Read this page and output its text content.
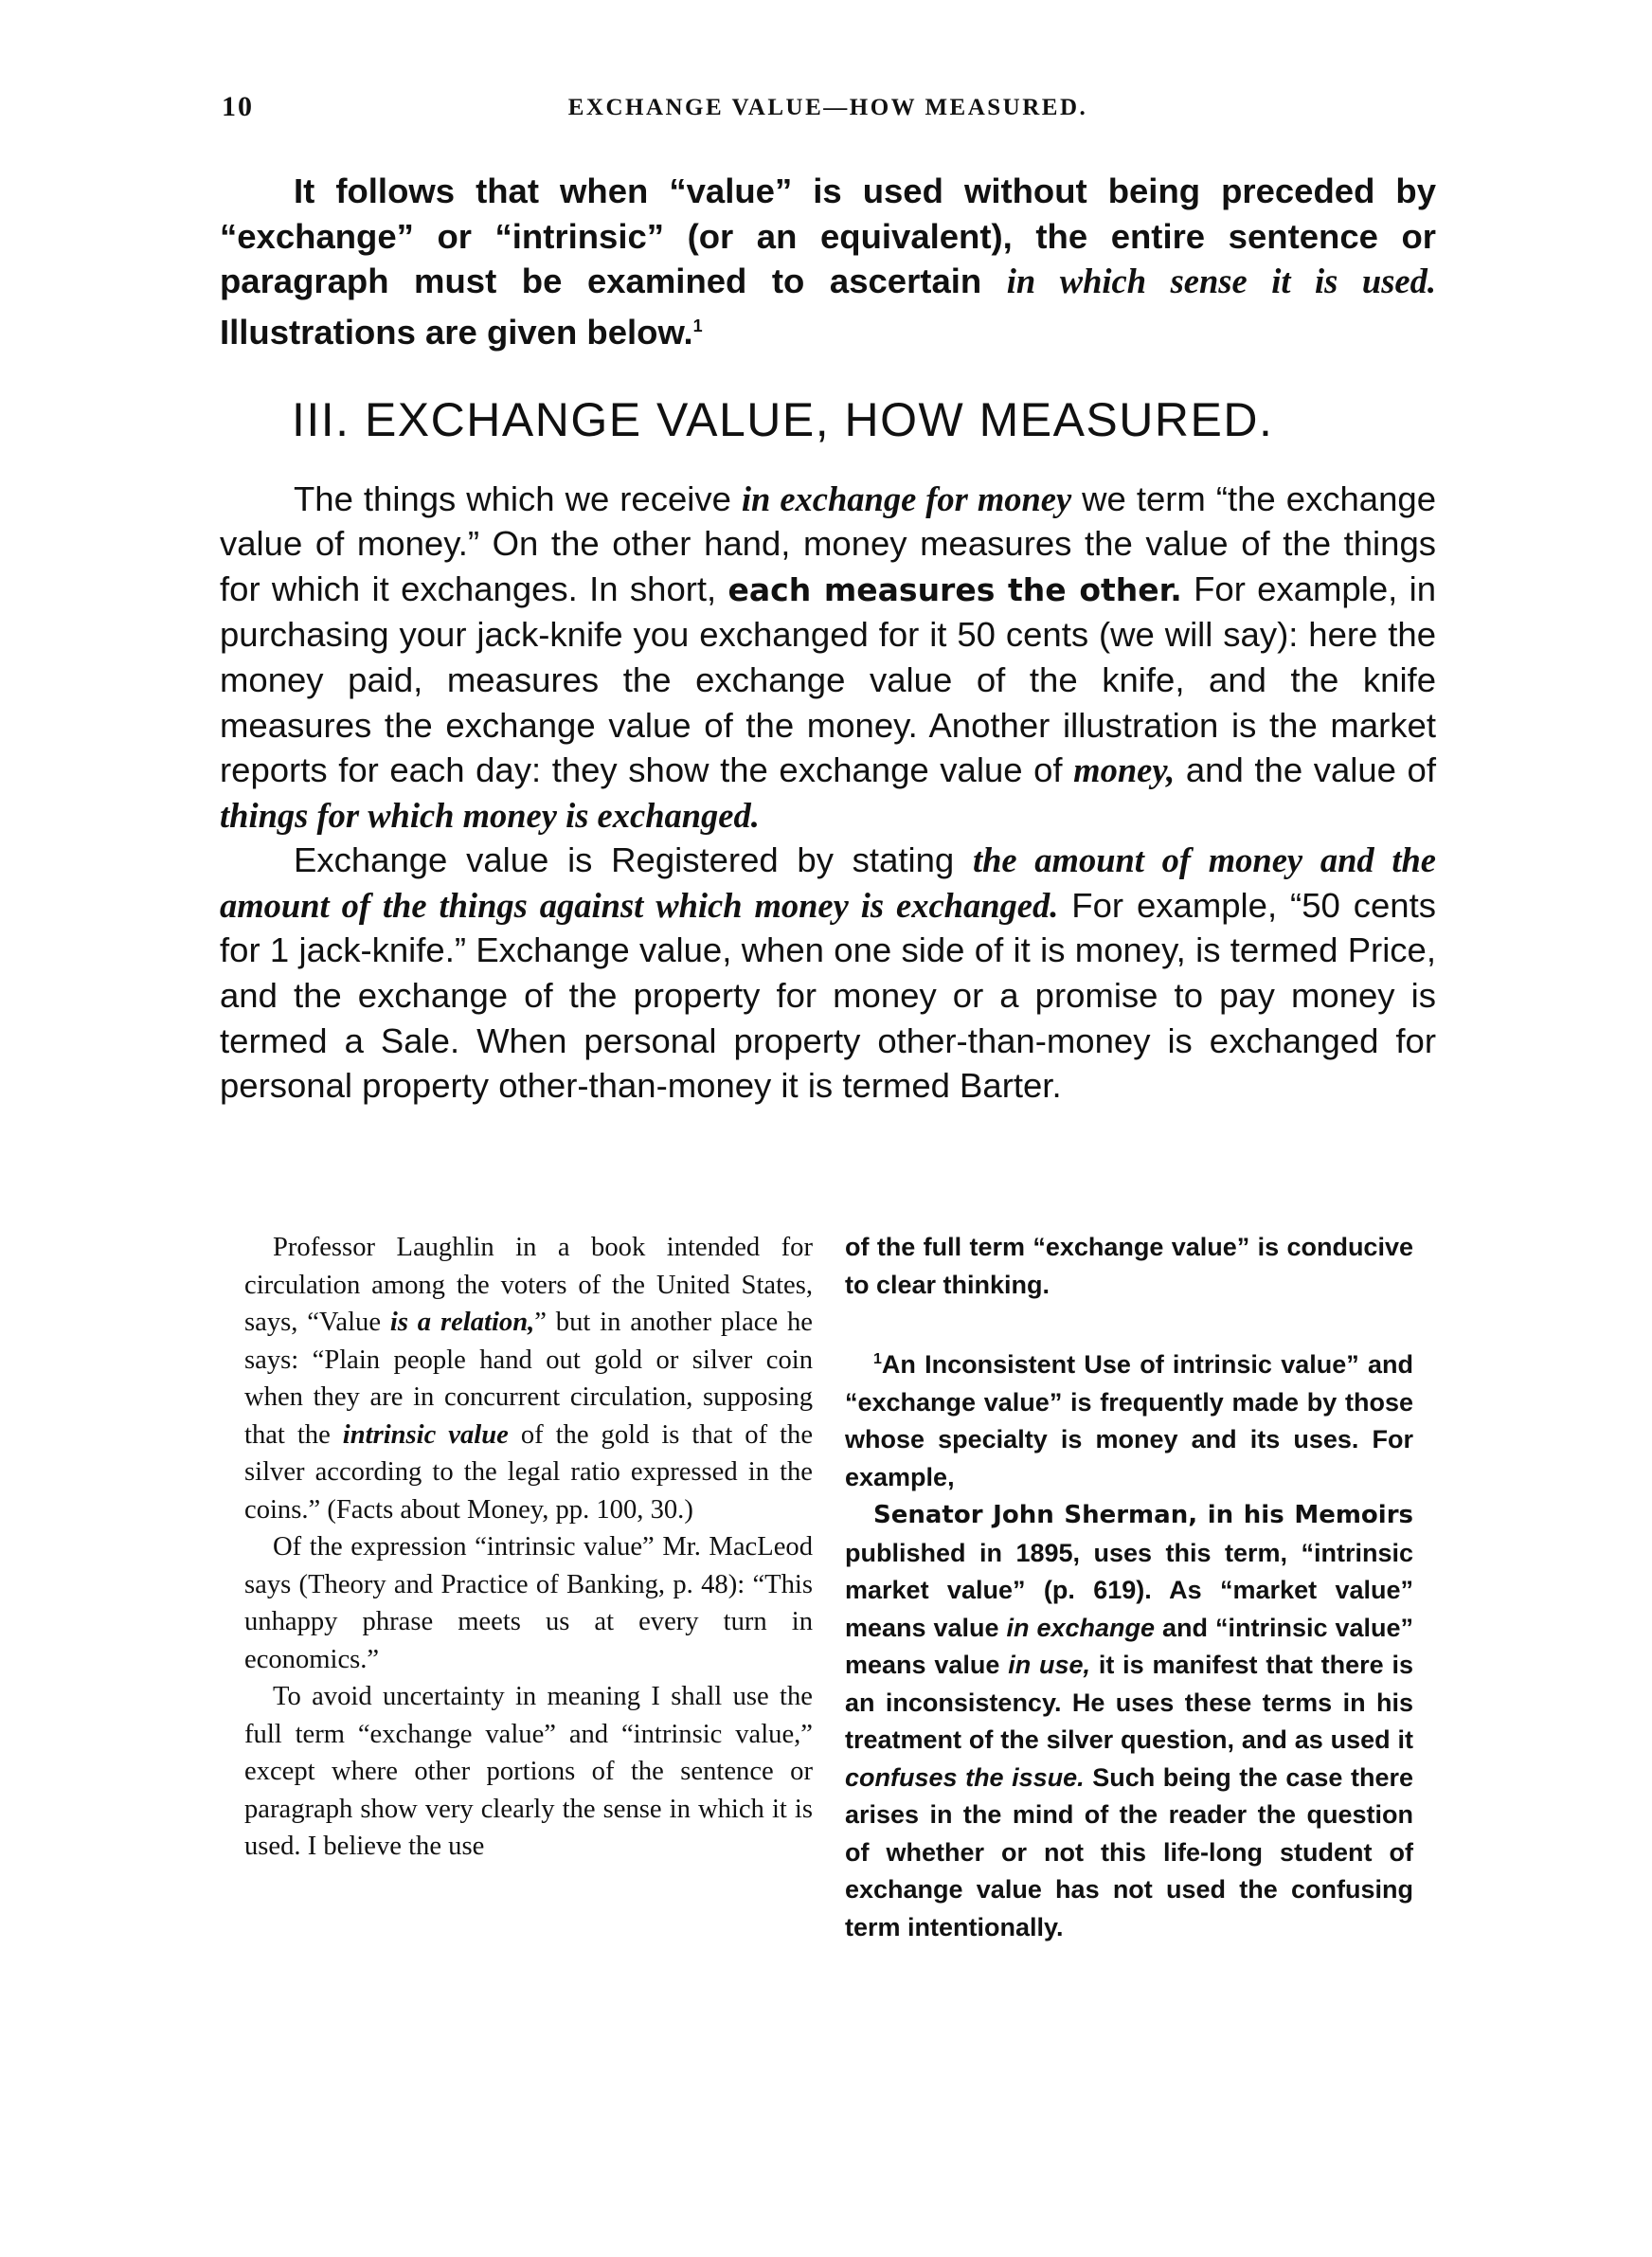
10	EXCHANGE VALUE—HOW MEASURED.

It follows that when “value” is used without being preceded by “exchange” or “intrinsic” (or an equivalent), the entire sentence or paragraph must be examined to ascertain in which sense it is used. Illustrations are given below.$^1$

III. EXCHANGE VALUE, HOW MEASURED.

The things which we receive in exchange for money we term “the exchange value of money.” On the other hand, money measures the value of the things for which it exchanges. In short, each measures the other. For example, in purchasing your jack-knife you exchanged for it 50 cents (we will say): here the money paid, measures the exchange value of the knife, and the knife measures the exchange value of the money. Another illustration is the market reports for each day: they show the exchange value of money, and the value of things for which money is exchanged.

Exchange value is Registered by stating the amount of money and the amount of the things against which money is exchanged. For example, “50 cents for 1 jack-knife.” Exchange value, when one side of it is money, is termed Price, and the exchange of the property for money or a promise to pay money is termed a Sale. When personal property other-than-money is exchanged for personal property other-than-money it is termed Barter.

Professor Laughlin in a book intended for circulation among the voters of the United States, says, “Value is a relation,” but in another place he says: “Plain people hand out gold or silver coin when they are in concurrent circulation, supposing that the intrinsic value of the gold is that of the silver according to the legal ratio expressed in the coins.” (Facts about Money, pp. 100, 30.)

Of the expression “intrinsic value” Mr. MacLeod says (Theory and Practice of Banking, p. 48): “This unhappy phrase meets us at every turn in economics.”

To avoid uncertainty in meaning I shall use the full term “exchange value” and “intrinsic value,” except where other portions of the sentence or paragraph show very clearly the sense in which it is used. I believe the use

of the full term “exchange value” is conducive to clear thinking.

$^1$An Inconsistent Use of intrinsic value” and “exchange value” is frequently made by those whose specialty is money and its uses. For example,

Senator John Sherman, in his Memoirs published in 1895, uses this term, “intrinsic market value” (p. 619). As “market value” means value in exchange and “intrinsic value” means value in use, it is manifest that there is an inconsistency. He uses these terms in his treatment of the silver question, and as used it confuses the issue. Such being the case there arises in the mind of the reader the question of whether or not this life-long student of exchange value has not used the confusing term intentionally.
